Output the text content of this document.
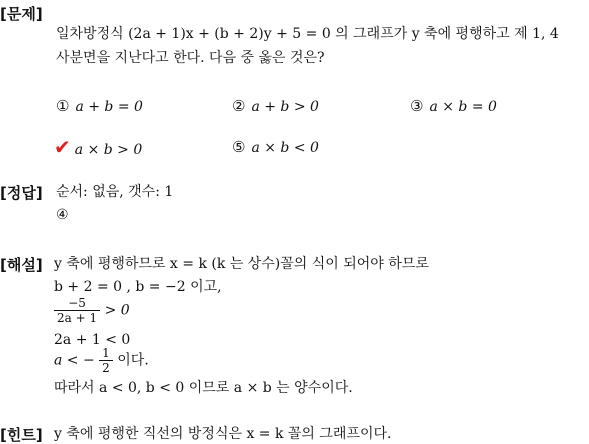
[문제]
일차방정식 (2a + 1)x + (b + 2)y + 5 = 0 의 그래프가 y 축에 평행하고 제 1, 4
사분면을 지난다고 한다. 다음 중 옳은 것은?
① a + b = 0	② a + b > 0	③ a × b = 0
✔ a × b > 0	⑤ a × b < 0
[정답] 순서: 없음, 갯수: 1
④
[해설] y 축에 평행하므로 x = k (k 는 상수)꼴의 식이 되어야 하므로
b + 2 = 0 , b = −2 이고,
$\frac{-5}{2a + 1} > 0$
2a + 1 < 0
a < − $\frac{1}{2}$ 이다.
따라서 a < 0, b < 0 이므로 a × b 는 양수이다.
[힌트] y 축에 평행한 직선의 방정식은 x = k 꼴의 그래프이다.
